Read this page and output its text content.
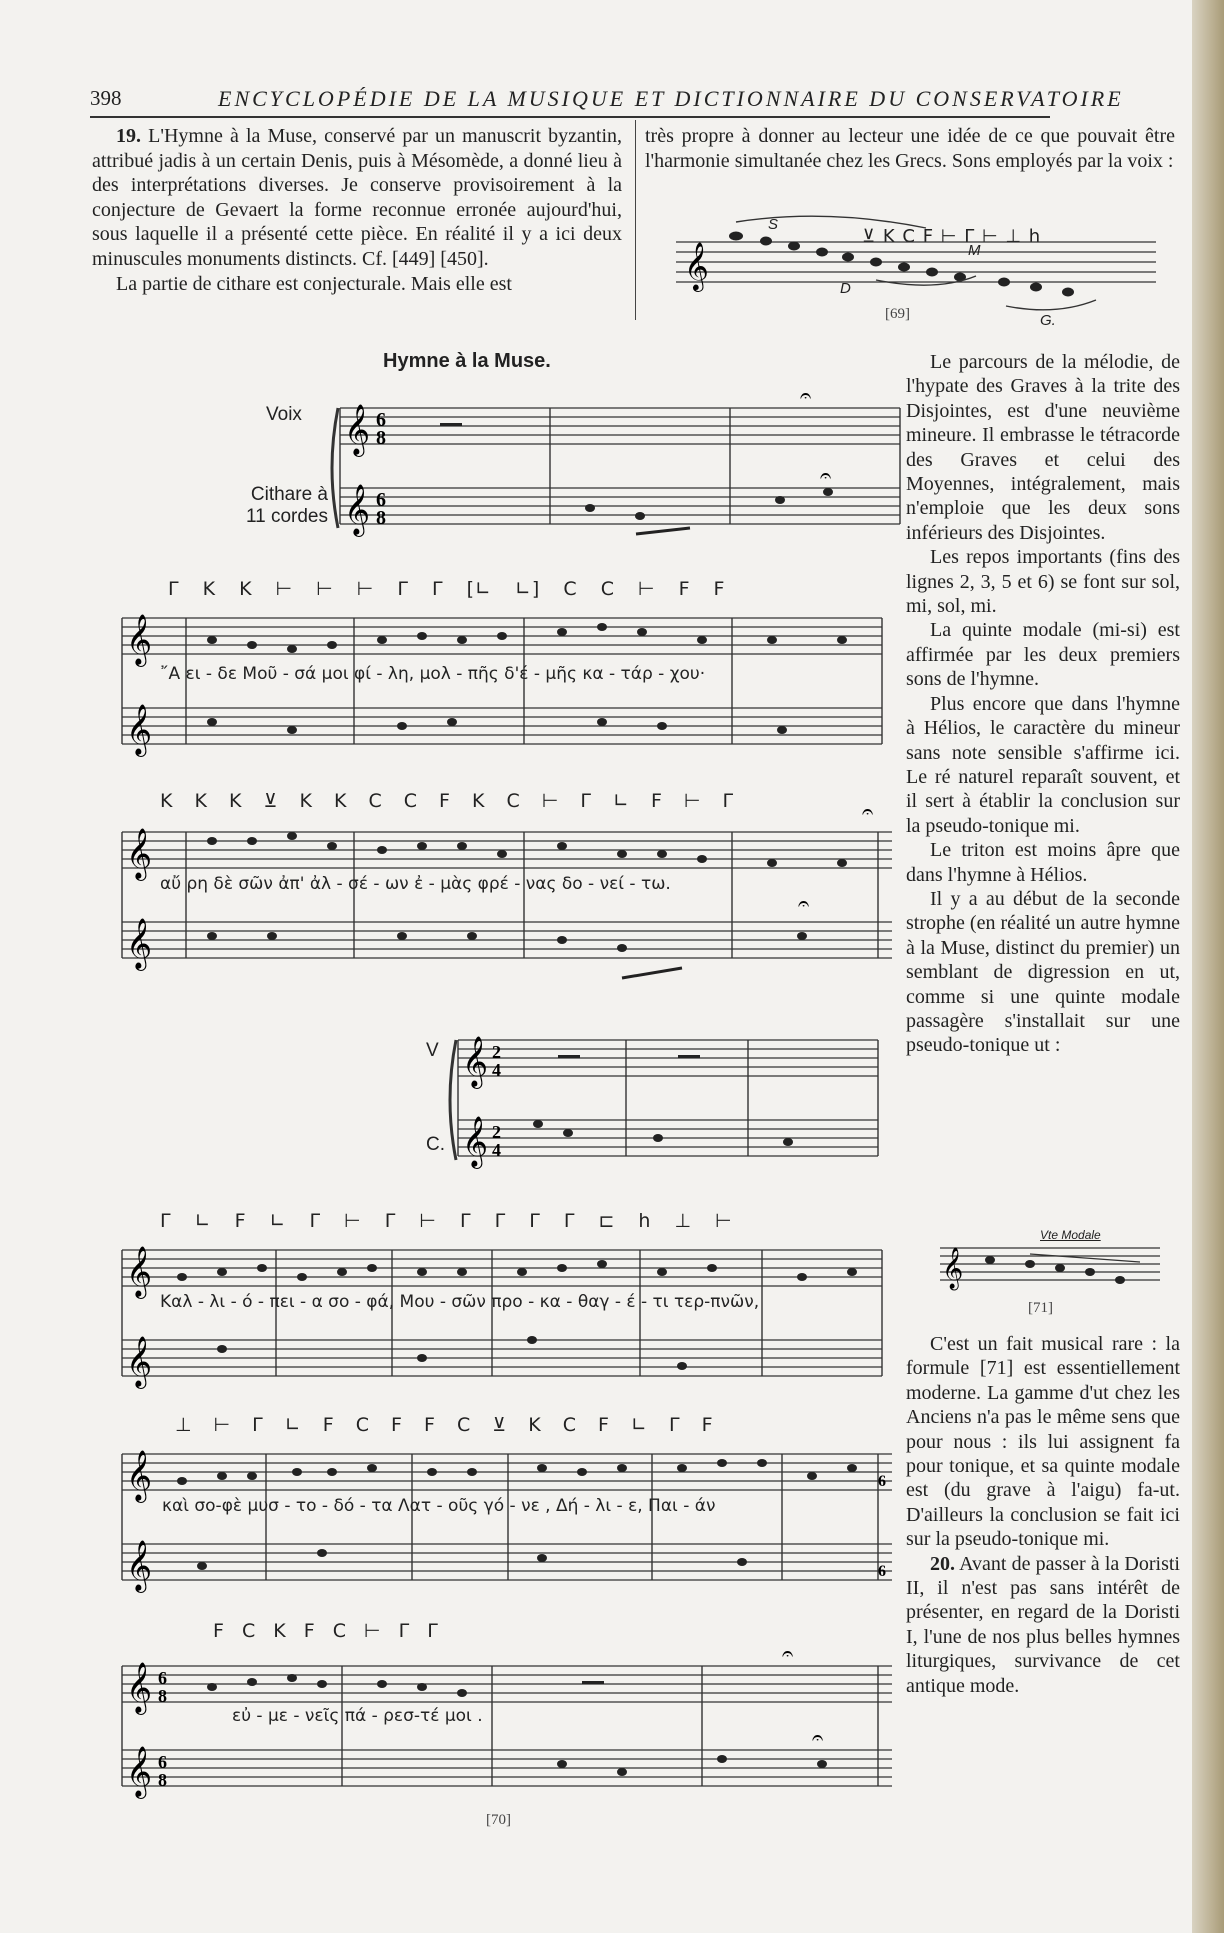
398	ENCYCLOPÉDIE DE LA MUSIQUE ET DICTIONNAIRE DU CONSERVATOIRE

19. L'Hymne à la Muse, conservé par un manuscrit byzantin, attribué jadis à un certain Denis, puis à Mésomède, a donné lieu à des interprétations diverses. Je conserve provisoirement à la conjecture de Gevaert la forme reconnue erronée aujourd'hui, sous laquelle il a présenté cette pièce. En réalité il y a ici deux minuscules monuments distincts. Cf. [449] [450].

La partie de cithare est conjecturale. Mais elle est

très propre à donner au lecteur une idée de ce que pouvait être l'harmonie simultanée chez les Grecs. Sons employés par la voix :

⊻ K C F ⊢ Γ ⊢ ⊥ h
𝄞
S
M
D
G.
[69]
Hymne à la Muse.
Voix
Cithare à 11 cordes
𝄞
𝄞
6
8
6
8
𝄐
𝄐
Γ K K ⊢ ⊢ ⊢ Γ Γ [∟ ∟] C C ⊢ F F
𝄞
𝄞
῎Α ει - δε Μοῦ - σά μοι φί - λη, μολ - πῆς δ'έ - μῆς κα - τάρ - χου·
K K K ⊻ K K C C F K C ⊢ Γ ∟ F ⊢ Γ
𝄞
𝄞
𝄐
𝄐
αὔ ρη δὲ σῶν ἀπ' ἀλ - σέ - ων ἐ - μὰς φρέ - νας δο - νεί - τω.
V
C.
𝄞
𝄞
2
4
2
4
Γ ∟ F ∟ Γ ⊢ Γ ⊢ Γ Γ Γ Γ ⊏ h ⊥ ⊢
𝄞
𝄞
Καλ - λι - ό - πει - α σο - φά, Μου - σῶν προ - κα - θαγ - έ - τι τερ-πνῶν,
⊥ ⊢ Γ ∟ F C F F C ⊻ K C F ∟ Γ F
𝄞
𝄞
6
6
καὶ σο-φὲ μυσ - το - δό - τα Λατ - οῦς γό - νε , Δή - λι - ε, Παι - άν
F C K F C ⊢ Γ Γ
𝄞
𝄞
6
8
6
8
𝄐
𝄐
εὐ - με - νεῖς πά - ρεσ-τέ μοι .
[70]

Le parcours de la mélodie, de l'hypate des Graves à la trite des Disjointes, est d'une neuvième mineure. Il embrasse le tétracorde des Graves et celui des Moyennes, intégralement, mais n'emploie que les deux sons inférieurs des Disjointes.

Les repos importants (fins des lignes 2, 3, 5 et 6) se font sur sol, mi, sol, mi.

La quinte modale (mi-si) est affirmée par les deux premiers sons de l'hymne.

Plus encore que dans l'hymne à Hélios, le caractère du mineur sans note sensible s'affirme ici. Le ré naturel reparaît souvent, et il sert à établir la conclusion sur la pseudo-tonique mi.

Le triton est moins âpre que dans l'hymne à Hélios.

Il y a au début de la seconde strophe (en réalité un autre hymne à la Muse, distinct du premier) un semblant de digression en ut, comme si une quinte modale passagère s'installait sur une pseudo-tonique ut :

𝄞
Vte Modale
[71]

C'est un fait musical rare : la formule [71] est essentiellement moderne. La gamme d'ut chez les Anciens n'a pas le même sens que pour nous : ils lui assignent fa pour tonique, et sa quinte modale est (du grave à l'aigu) fa-ut. D'ailleurs la conclusion se fait ici sur la pseudo-tonique mi.

20. Avant de passer à la Doristi II, il n'est pas sans intérêt de présenter, en regard de la Doristi I, l'une de nos plus belles hymnes liturgiques, survivance de cet antique mode.
